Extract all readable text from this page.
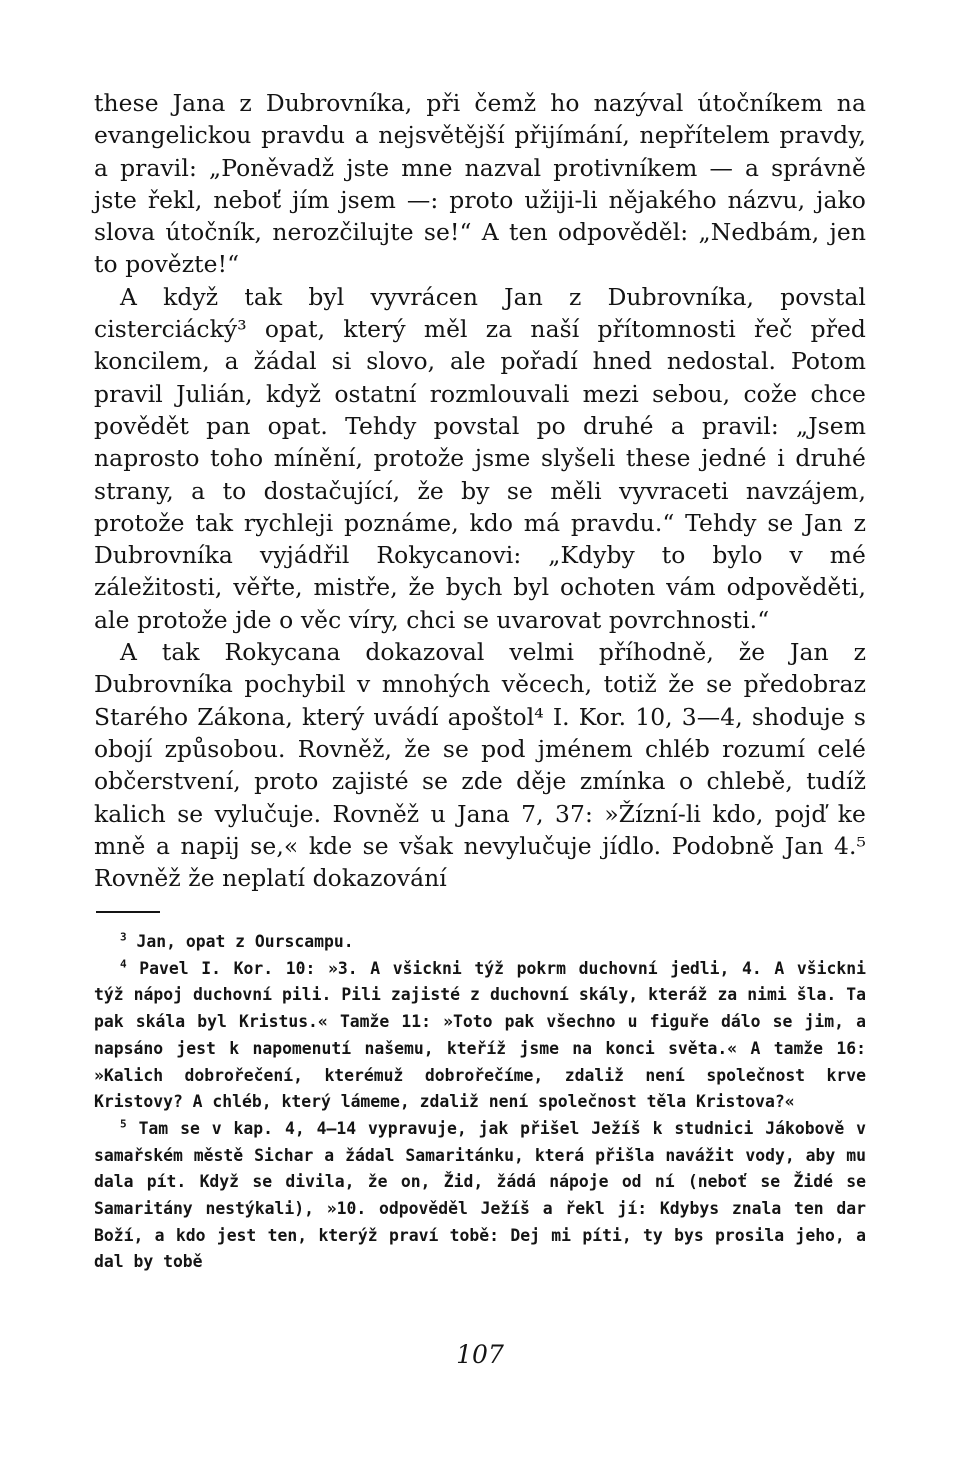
these Jana z Dubrovníka, při čemž ho nazýval útočníkem na evangelickou pravdu a nejsvětější přijímání, nepřítelem pravdy, a pravil: „Poněvadž jste mne nazval protivníkem — a správně jste řekl, neboť jím jsem —: proto užiji-li nějakého názvu, jako slova útočník, nerozčilujte se!“ A ten odpověděl: „Nedbám, jen to povězte!“

A když tak byl vyvrácen Jan z Dubrovníka, povstal cisterciácký³ opat, který měl za naší přítomnosti řeč před koncilem, a žádal si slovo, ale pořadí hned nedostal. Potom pravil Julián, když ostatní rozmlouvali mezi sebou, cože chce povědět pan opat. Tehdy povstal po druhé a pravil: „Jsem naprosto toho mínění, protože jsme slyšeli these jedné i druhé strany, a to dostačující, že by se měli vyvraceti navzájem, protože tak rychleji poznáme, kdo má pravdu.“ Tehdy se Jan z Dubrovníka vyjádřil Rokycanovi: „Kdyby to bylo v mé záležitosti, věřte, mistře, že bych byl ochoten vám odpověděti, ale protože jde o věc víry, chci se uvarovat povrchnosti.“

A tak Rokycana dokazoval velmi příhodně, že Jan z Dubrovníka pochybil v mnohých věcech, totiž že se předobraz Starého Zákona, který uvádí apoštol⁴ I. Kor. 10, 3—4, shoduje s obojí způsobou. Rovněž, že se pod jménem chléb rozumí celé občerstvení, proto zajisté se zde děje zmínka o chlebě, tudíž kalich se vylučuje. Rovněž u Jana 7, 37: »Žízní-li kdo, pojď ke mně a napij se,« kde se však nevylučuje jídlo. Podobně Jan 4.⁵ Rovněž že neplatí dokazování

$^3$ Jan, opat z Ourscampu.

$^4$ Pavel I. Kor. 10: »3. A všickni týž pokrm duchovní jedli, 4. A všickni týž nápoj duchovní pili. Pili zajisté z duchovní skály, kteráž za nimi šla. Ta pak skála byl Kristus.« Tamže 11: »Toto pak všechno u figuře dálo se jim, a napsáno jest k napomenutí našemu, kteříž jsme na konci světa.« A tamže 16: »Kalich dobrořečení, kterémuž dobrořečíme, zdaliž není společnost krve Kristovy? A chléb, který lámeme, zdaliž není společnost těla Kristova?«

$^5$ Tam se v kap. 4, 4—14 vypravuje, jak přišel Ježíš k studnici Jákobově v samařském městě Sichar a žádal Samaritánku, která přišla navážit vody, aby mu dala pít. Když se divila, že on, Žid, žádá nápoje od ní (neboť se Židé se Samaritány nestýkali), »10. odpověděl Ježíš a řekl jí: Kdybys znala ten dar Boží, a kdo jest ten, kterýž praví tobě: Dej mi píti, ty bys prosila jeho, a dal by tobě

107
